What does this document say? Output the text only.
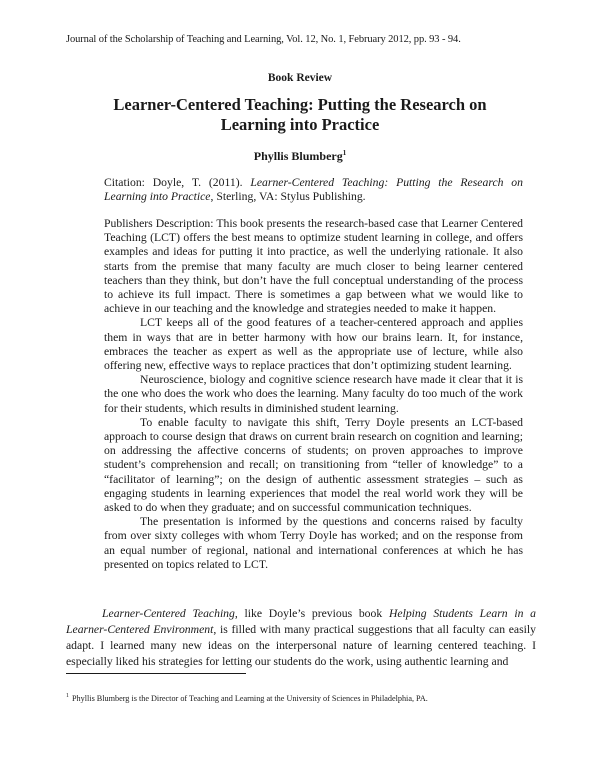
Journal of the Scholarship of Teaching and Learning, Vol. 12, No. 1, February 2012, pp. 93 - 94.
Book Review
Learner-Centered Teaching: Putting the Research on Learning into Practice
Phyllis Blumberg$^1$

Citation: Doyle, T. (2011). Learner-Centered Teaching: Putting the Research on Learning into Practice, Sterling, VA: Stylus Publishing.

Publishers Description: This book presents the research-based case that Learner Centered Teaching (LCT) offers the best means to optimize student learning in college, and offers examples and ideas for putting it into practice, as well the underlying rationale. It also starts from the premise that many faculty are much closer to being learner centered teachers than they think, but don’t have the full conceptual understanding of the process to achieve its full impact. There is sometimes a gap between what we would like to achieve in our teaching and the knowledge and strategies needed to make it happen.

LCT keeps all of the good features of a teacher-centered approach and applies them in ways that are in better harmony with how our brains learn. It, for instance, embraces the teacher as expert as well as the appropriate use of lecture, while also offering new, effective ways to replace practices that don’t optimizing student learning.

Neuroscience, biology and cognitive science research have made it clear that it is the one who does the work who does the learning. Many faculty do too much of the work for their students, which results in diminished student learning.

To enable faculty to navigate this shift, Terry Doyle presents an LCT-based approach to course design that draws on current brain research on cognition and learning; on addressing the affective concerns of students; on proven approaches to improve student’s comprehension and recall; on transitioning from “teller of knowledge” to a “facilitator of learning”; on the design of authentic assessment strategies – such as engaging students in learning experiences that model the real world work they will be asked to do when they graduate; and on successful communication techniques.

The presentation is informed by the questions and concerns raised by faculty from over sixty colleges with whom Terry Doyle has worked; and on the response from an equal number of regional, national and international conferences at which he has presented on topics related to LCT.

Learner-Centered Teaching, like Doyle’s previous book Helping Students Learn in a Learner-Centered Environment, is filled with many practical suggestions that all faculty can easily adapt. I learned many new ideas on the interpersonal nature of learning centered teaching. I especially liked his strategies for letting our students do the work, using authentic learning and

$^1$ Phyllis Blumberg is the Director of Teaching and Learning at the University of Sciences in Philadelphia, PA.
